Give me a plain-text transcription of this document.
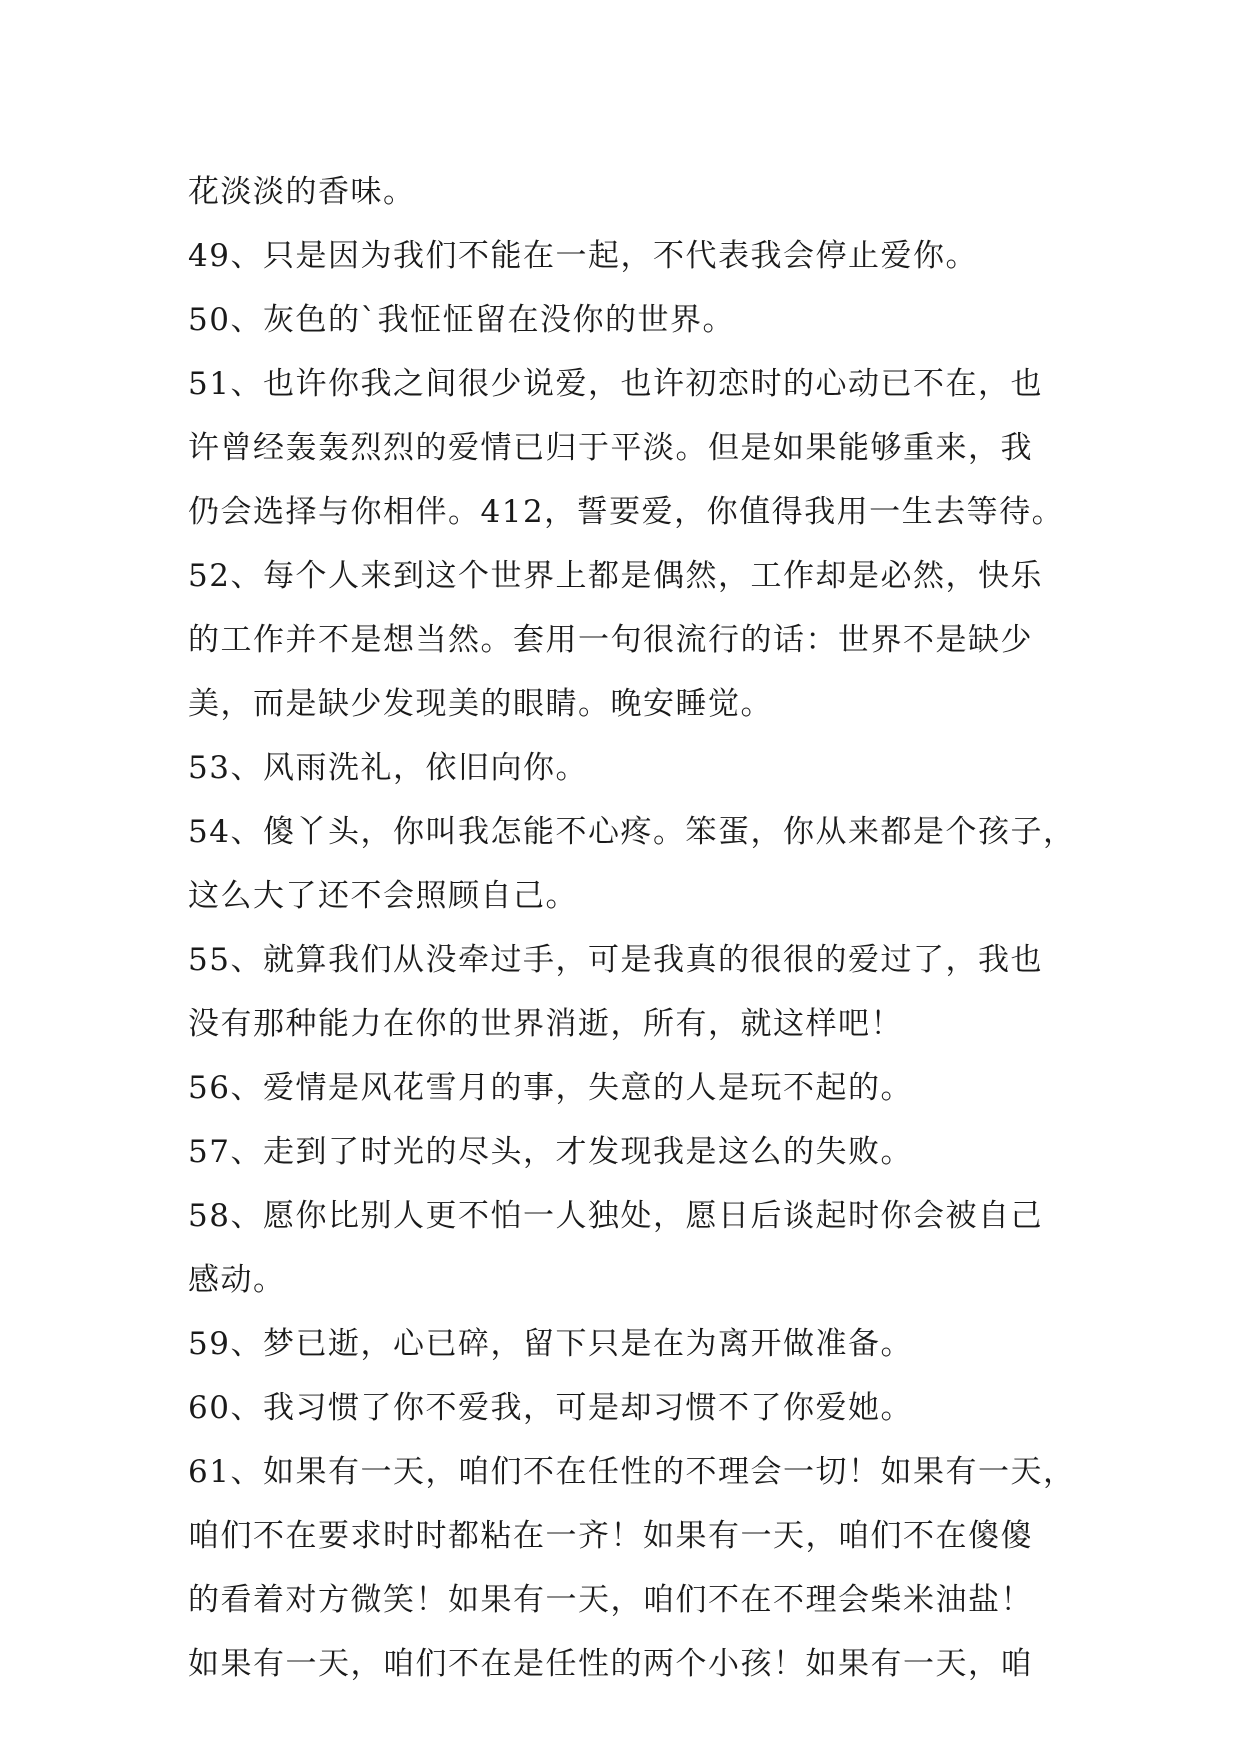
花淡淡的香味。
49、只是因为我们不能在一起，不代表我会停止爱你。
50、灰色的`我怔怔留在没你的世界。
51、也许你我之间很少说爱，也许初恋时的心动已不在，也
许曾经轰轰烈烈的爱情已归于平淡。但是如果能够重来，我
仍会选择与你相伴。412，誓要爱，你值得我用一生去等待。
52、每个人来到这个世界上都是偶然，工作却是必然，快乐
的工作并不是想当然。套用一句很流行的话：世界不是缺少
美，而是缺少发现美的眼睛。晚安睡觉。
53、风雨洗礼，依旧向你。
54、傻丫头，你叫我怎能不心疼。笨蛋，你从来都是个孩子，
这么大了还不会照顾自己。
55、就算我们从没牵过手，可是我真的很很的爱过了，我也
没有那种能力在你的世界消逝，所有，就这样吧！
56、爱情是风花雪月的事，失意的人是玩不起的。
57、走到了时光的尽头，才发现我是这么的失败。
58、愿你比别人更不怕一人独处，愿日后谈起时你会被自己
感动。
59、梦已逝，心已碎，留下只是在为离开做准备。
60、我习惯了你不爱我，可是却习惯不了你爱她。
61、如果有一天，咱们不在任性的不理会一切！如果有一天，
咱们不在要求时时都粘在一齐！如果有一天，咱们不在傻傻
的看着对方微笑！如果有一天，咱们不在不理会柴米油盐！
如果有一天，咱们不在是任性的两个小孩！如果有一天，咱
